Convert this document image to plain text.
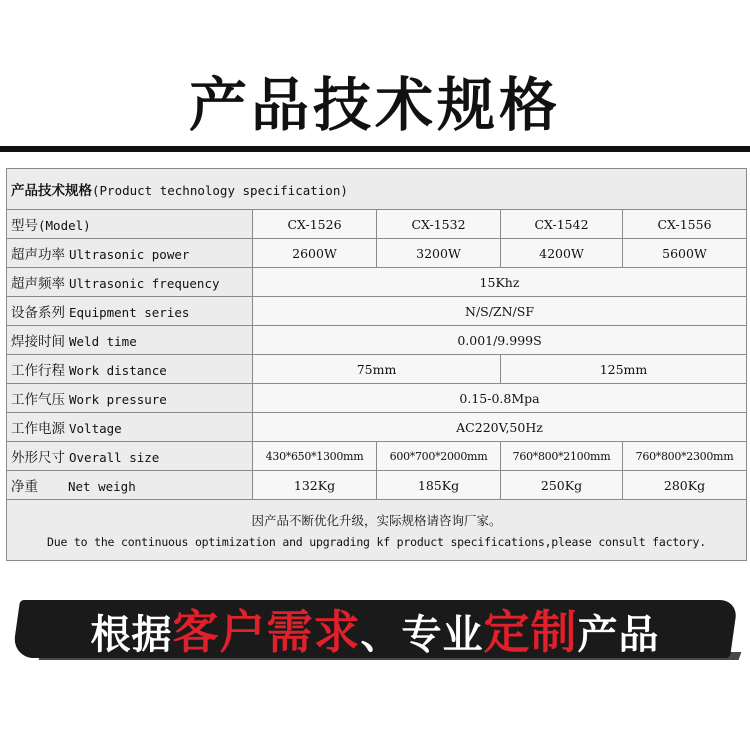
产品技术规格
产品技术规格(Product technology specification)				
型号(Model)	CX-1526	CX-1532	CX-1542	CX-1556
超声功率 Ultrasonic power	2600W	3200W	4200W	5600W
超声频率 Ultrasonic frequency	15Khz			
设备系列 Equipment series	N/S/ZN/SF			
焊接时间 Weld time	0.001/9.999S			
工作行程 Work distance	75mm		125mm	
工作气压 Work pressure	0.15-0.8Mpa			
工作电源 Voltage	AC220V,50Hz			
外形尺寸 Overall size	430*650*1300mm	600*700*2000mm	760*800*2100mm	760*800*2300mm
净重 Net weigh	132Kg	185Kg	250Kg	280Kg

因产品不断优化升级，实际规格请咨询厂家。
Due to the continuous optimization and upgrading kf product specifications,please consult factory.				
根据客户需求、专业定制产品
